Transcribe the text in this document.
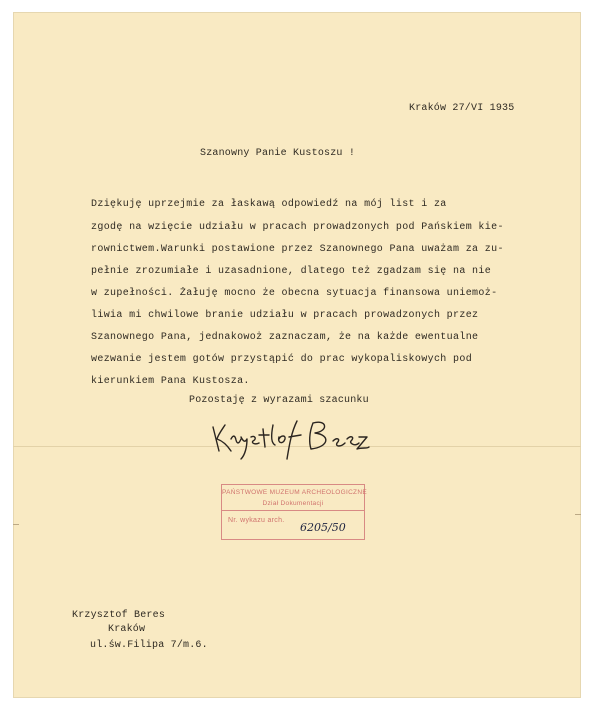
Kraków 27/VI 1935
Szanowny Panie Kustoszu !
Dziękuję uprzejmie za łaskawą odpowiedź na mój list i za
zgodę na wzięcie udziału w pracach prowadzonych pod Pańskiem kie-
rownictwem.Warunki postawione przez Szanownego Pana uważam za zu-
pełnie zrozumiałe i uzasadnione, dlatego też zgadzam się na nie
w zupełności. Żałuję mocno że obecna sytuacja finansowa uniemoż-
liwia mi chwilowe branie udziału w pracach prowadzonych przez
Szanownego Pana, jednakowoż zaznaczam, że na każde ewentualne
wezwanie jestem gotów przystąpić do prac wykopaliskowych pod
kierunkiem Pana Kustosza.
Pozostaję z wyrazami szacunku
PAŃSTWOWE MUZEUM ARCHEOLOGICZNE
Dział Dokumentacji
Nr. wykazu arch.
6205/50
Krzysztof Beres
Kraków
ul.św.Filipa 7/m.6.
